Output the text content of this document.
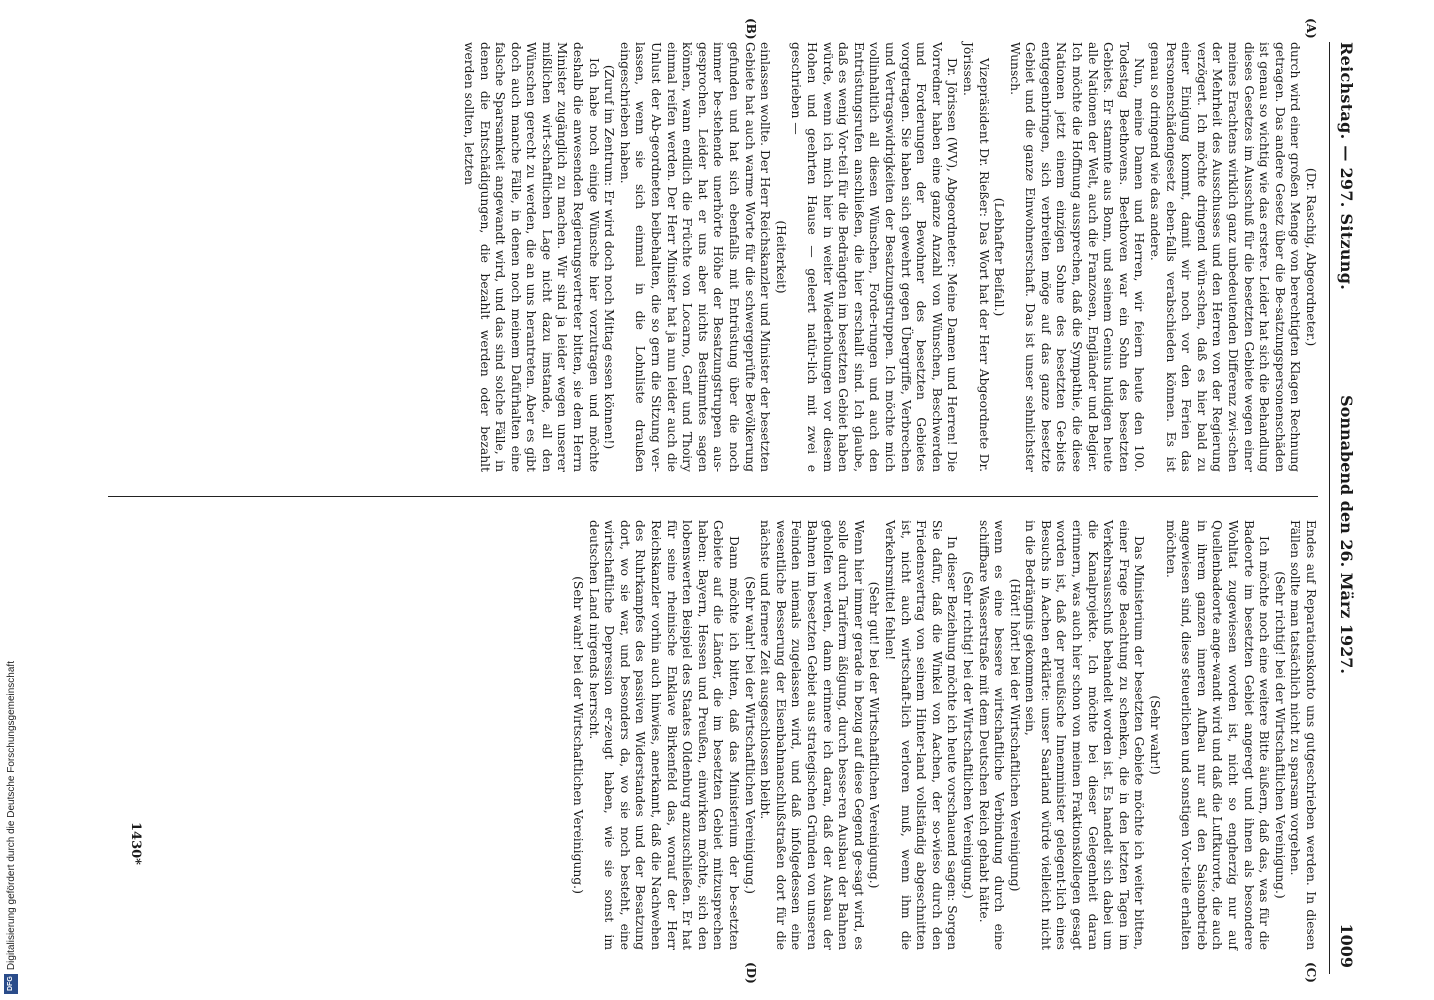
Reichstag. — 297. Sitzung.
Sonnabend den 26. März 1927.
1009
(A)
(B)
(C)
(D)

(Dr. Raschig, Abgeordneter.)

durch wird einer großen Menge von berechtigten Klagen Rechnung getragen. Das andere Gesetz über die Be-satzungspersonenschäden ist genau so wichtig wie das erstere. Leider hat sich die Behandlung dieses Gesetzes im Ausschuß für die besetzten Gebiete wegen einer meines Erachtens wirklich ganz unbedeutenden Differenz zwi-schen der Mehrheit des Ausschusses und den Herren von der Regierung verzögert. Ich möchte dringend wün-schen, daß es hier bald zu einer Einigung kommt, damit wir noch vor den Ferien das Personenschädengesetz eben-falls verabschieden können. Es ist genau so dringend wie das andere.

Nun, meine Damen und Herren, wir feiern heute den 100. Todestag Beethovens. Beethoven war ein Sohn des besetzten Gebiets. Er stammte aus Bonn, und seinem Genius huldigen heute alle Nationen der Welt, auch die Franzosen, Engländer und Belgier. Ich möchte die Hoffnung aussprechen, daß die Sympathie, die diese Nationen jetzt einem einzigen Sohne des besetzten Ge-biets entgegenbringen, sich verbreiten möge auf das ganze besetzte Gebiet und die ganze Einwohnerschaft. Das ist unser sehnlichster Wunsch.

(Lebhafter Beifall.)

Vizepräsident Dr. Rießer: Das Wort hat der Herr Abgeordnete Dr. Jörissen.

Dr. Jörissen (WV), Abgeordneter: Meine Damen und Herren! Die Vorredner haben eine ganze Anzahl von Wünschen, Beschwerden und Forderungen der Bewohner des besetzten Gebietes vorgetragen. Sie haben sich gewehrt gegen Übergriffe, Verbrechen und Vertragswidrigkeiten der Besatzungstruppen. Ich möchte mich vollinhaltlich all diesen Wünschen, Forde-rungen und auch den Entrüstungsrufen anschließen, die hier erschallt sind. Ich glaube, daß es wenig Vor-teil für die Bedrängten im besetzten Gebiet haben würde, wenn ich mich hier in weiter Wiederholungen vor diesem Hohen und geehrten Hause — geleert natür-lich mit zwei e geschrieben —

(Heiterkeit)

einlassen wollte. Der Herr Reichskanzler und Minister der besetzten Gebiete hat auch warme Worte für die schwergeprüfte Bevölkerung gefunden und hat sich ebenfalls mit Entrüstung über die noch immer be-stehende unerhörte Höhe der Besatzungstruppen aus-gesprochen. Leider hat er uns aber nichts Bestimmtes sagen können, wann endlich die Früchte von Locarno, Genf und Thoiry einmal reifen werden. Der Herr Minister hat ja nun leider auch die Unlust der Ab-geordneten beibehalten, die so gern die Sitzung ver-lassen, wenn sie sich einmal in die Lohnliste draußen eingeschrieben haben.

(Zuruf im Zentrum: Er wird doch noch Mittag essen können!)

Ich habe noch einige Wünsche hier vorzutragen und möchte deshalb die anwesenden Regierungsvertreter bitten, sie dem Herrn Minister zugänglich zu machen. Wir sind ja leider wegen unserer mißlichen wirt-schaftlichen Lage nicht dazu imstande, all den Wünschen gerecht zu werden, die an uns herantreten. Aber es gibt doch auch manche Fälle, in denen noch meinem Dafürhalten eine falsche Sparsamkeit angewandt wird, und das sind solche Fälle, in denen die Entschädigungen, die bezahlt werden oder bezahlt werden sollten, letzten

Endes auf Reparationskonto uns gutgeschrieben werden. In diesen Fällen sollte man tatsächlich nicht zu sparsam vorgehen.

(Sehr richtig! bei der Wirtschaftlichen Vereinigung.)

Ich möchte noch eine weitere Bitte äußern, daß das, was für die Badeorte im besetzten Gebiet angeregt und ihnen als besondere Wohltat zugewiesen worden ist, nicht so engherzig nur auf Quellenbadeorte ange-wandt wird und daß die Luftkurorte, die auch in ihrem ganzen inneren Aufbau nur auf den Saisonbetrieb angewiesen sind, diese steuerlichen und sonstigen Vor-teile erhalten möchten.

(Sehr wahr!)

Das Ministerium der besetzten Gebiete möchte ich weiter bitten, einer Frage Beachtung zu schenken, die in den letzten Tagen im Verkehrsausschuß behandelt worden ist. Es handelt sich dabei um die Kanalprojekte. Ich möchte bei dieser Gelegenheit daran erinnern, was auch hier schon von meinen Fraktionskollegen gesagt worden ist, daß der preußische Innenminister gelegent-lich eines Besuchs in Aachen erklärte: unser Saarland würde vielleicht nicht in die Bedrängnis gekommen sein,

(Hört! hört! bei der Wirtschaftlichen Vereinigung)

wenn es eine bessere wirtschaftliche Verbindung durch eine schiffbare Wasserstraße mit dem Deutschen Reich gehabt hätte.

(Sehr richtig! bei der Wirtschaftlichen Vereinigung.)

In dieser Beziehung möchte ich heute vorschauend sagen: Sorgen Sie dafür, daß die Winkel von Aachen, der so-wieso durch den Friedensvertrag von seinem Hinter-land vollständig abgeschnitten ist, nicht auch wirtschaft-lich verloren muß, wenn ihm die Verkehrsmittel fehlen!

(Sehr gut! bei der Wirtschaftlichen Vereinigung.)

Wenn hier immer gerade in bezug auf diese Gegend ge-sagt wird, es solle durch Tariferm äßigung, durch besse-ren Ausbau der Bahnen geholfen werden, dann erinnere ich daran, daß der Ausbau der Bahnen im besetzten Gebiet aus strategischen Gründen von unseren Feinden niemals zugelassen wird, und daß infolgedessen eine wesentliche Besserung der Eisenbahnanschlußstraßen dort für die nächste und fernere Zeit ausgeschlossen bleibt.

(Sehr wahr! bei der Wirtschaftlichen Vereinigung.)

Dann möchte ich bitten, daß das Ministerium der be-setzten Gebiete auf die Länder, die im besetzten Gebiet mitzusprechen haben: Bayern, Hessen und Preußen, einwirken möchte, sich den lobenswerten Beispiel des Staates Oldenburg anzuschließen. Er hat für seine rheinische Enklave Birkenfeld das, worauf der Herr Reichskanzler vorhin auch hinwies, anerkannt, daß die Nachwehen des Ruhrkampfes des passiven Widerstandes und der Besatzung dort, wo sie war, und besonders da, wo sie noch besteht, eine wirtschaftliche Depression er-zeugt haben, wie sie sonst im deutschen Land nirgends herrscht.

(Sehr wahr! bei der Wirtschaftlichen Vereinigung.)

1430*
Digitalisierung gefördert durch die Deutsche Forschungsgemeinschaft
DFG
